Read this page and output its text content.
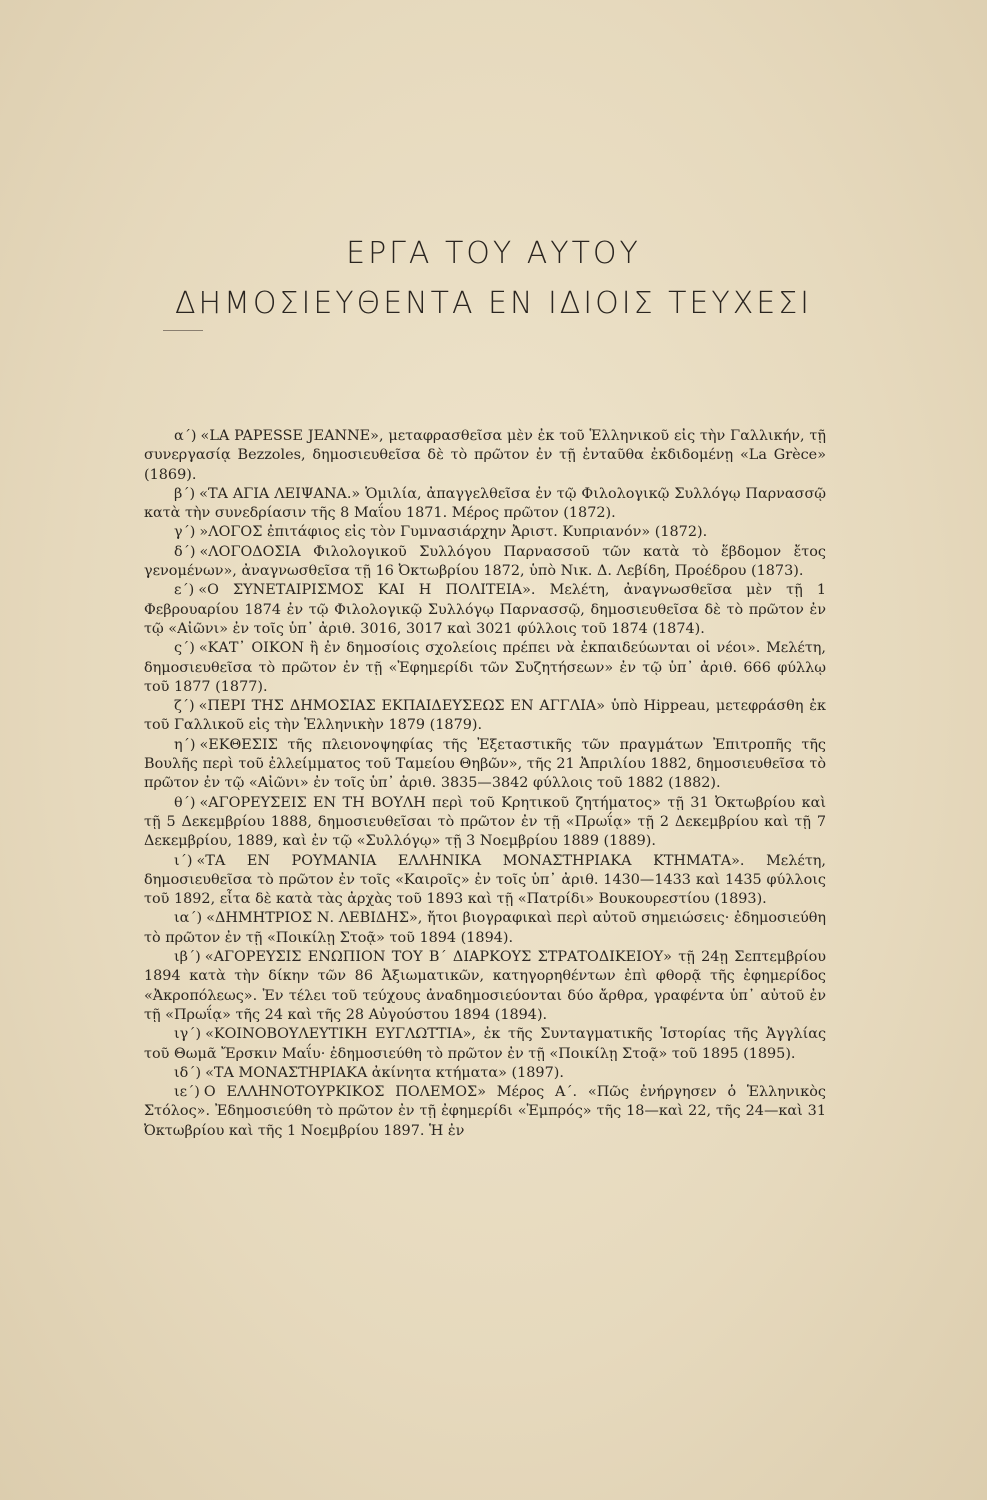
ΕΡΓΑ ΤΟΥ ΑΥΤΟΥ
ΔΗΜΟΣΙΕΥΘΕΝΤΑ ΕΝ ΙΔΙΟΙΣ ΤΕΥΧΕΣΙ

α΄) «LA PAPESSE JEANNE», μεταφρασθεῖσα μὲν ἐκ τοῦ Ἑλληνικοῦ εἰς τὴν Γαλλικήν, τῇ συνεργασίᾳ Bezzoles, δημοσιευθεῖσα δὲ τὸ πρῶτον ἐν τῇ ἐνταῦθα ἐκδιδομένῃ «La Grèce» (1869).

β΄) «ΤΑ ΑΓΙΑ ΛΕΙΨΑΝΑ.» Ὁμιλία, ἀπαγγελθεῖσα ἐν τῷ Φιλολογικῷ Συλλόγῳ Παρνασσῷ κατὰ τὴν συνεδρίασιν τῆς 8 Μαΐου 1871. Μέρος πρῶτον (1872).

γ΄) »ΛΟΓΟΣ ἐπιτάφιος εἰς τὸν Γυμνασιάρχην Ἀριστ. Κυπριανόν» (1872).

δ΄) «ΛΟΓΟΔΟΣΙΑ Φιλολογικοῦ Συλλόγου Παρνασσοῦ τῶν κατὰ τὸ ἕβδομον ἔτος γενομένων», ἀναγνωσθεῖσα τῇ 16 Ὀκτωβρίου 1872, ὑπὸ Νικ. Δ. Λεβίδη, Προέδρου (1873).

ε΄) «Ο ΣΥΝΕΤΑΙΡΙΣΜΟΣ ΚΑΙ Η ΠΟΛΙΤΕΙΑ». Μελέτη, ἀναγνωσθεῖσα μὲν τῇ 1 Φεβρουαρίου 1874 ἐν τῷ Φιλολογικῷ Συλλόγῳ Παρνασσῷ, δημοσιευθεῖσα δὲ τὸ πρῶτον ἐν τῷ «Αἰῶνι» ἐν τοῖς ὑπ᾿ ἀριθ. 3016, 3017 καὶ 3021 φύλλοις τοῦ 1874 (1874).

ς΄) «ΚΑΤ᾿ ΟΙΚΟΝ ἢ ἐν δημοσίοις σχολείοις πρέπει νὰ ἐκπαιδεύωνται οἱ νέοι». Μελέτη, δημοσιευθεῖσα τὸ πρῶτον ἐν τῇ «Ἐφημερίδι τῶν Συζητήσεων» ἐν τῷ ὑπ᾿ ἀριθ. 666 φύλλῳ τοῦ 1877 (1877).

ζ΄) «ΠΕΡΙ ΤΗΣ ΔΗΜΟΣΙΑΣ ΕΚΠΑΙΔΕΥΣΕΩΣ ΕΝ ΑΓΓΛΙΑ» ὑπὸ Hippeau, μετεφράσθη ἐκ τοῦ Γαλλικοῦ εἰς τὴν Ἑλληνικὴν 1879 (1879).

η΄) «ΕΚΘΕΣΙΣ τῆς πλειονοψηφίας τῆς Ἐξεταστικῆς τῶν πραγμάτων Ἐπιτροπῆς τῆς Βουλῆς περὶ τοῦ ἐλλείμματος τοῦ Ταμείου Θηβῶν», τῆς 21 Ἀπριλίου 1882, δημοσιευθεῖσα τὸ πρῶτον ἐν τῷ «Αἰῶνι» ἐν τοῖς ὑπ᾿ ἀριθ. 3835—3842 φύλλοις τοῦ 1882 (1882).

θ΄) «ΑΓΟΡΕΥΣΕΙΣ ΕΝ ΤΗ ΒΟΥΛΗ περὶ τοῦ Κρητικοῦ ζητήματος» τῇ 31 Ὀκτωβρίου καὶ τῇ 5 Δεκεμβρίου 1888, δημοσιευθεῖσαι τὸ πρῶτον ἐν τῇ «Πρωΐᾳ» τῇ 2 Δεκεμβρίου καὶ τῇ 7 Δεκεμβρίου, 1889, καὶ ἐν τῷ «Συλλόγῳ» τῇ 3 Νοεμβρίου 1889 (1889).

ι΄) «ΤΑ ΕΝ ΡΟΥΜΑΝΙΑ ΕΛΛΗΝΙΚΑ ΜΟΝΑΣΤΗΡΙΑΚΑ ΚΤΗΜΑΤΑ». Μελέτη, δημοσιευθεῖσα τὸ πρῶτον ἐν τοῖς «Καιροῖς» ἐν τοῖς ὑπ᾿ ἀριθ. 1430—1433 καὶ 1435 φύλλοις τοῦ 1892, εἶτα δὲ κατὰ τὰς ἀρχὰς τοῦ 1893 καὶ τῇ «Πατρίδι» Βουκουρεστίου (1893).

ια΄) «ΔΗΜΗΤΡΙΟΣ Ν. ΛΕΒΙΔΗΣ», ἤτοι βιογραφικαὶ περὶ αὐτοῦ σημειώσεις· ἐδημοσιεύθη τὸ πρῶτον ἐν τῇ «Ποικίλῃ Στοᾷ» τοῦ 1894 (1894).

ιβ΄) «ΑΓΟΡΕΥΣΙΣ ΕΝΩΠΙΟΝ ΤΟΥ Β΄ ΔΙΑΡΚΟΥΣ ΣΤΡΑΤΟΔΙΚΕΙΟΥ» τῇ 24ῃ Σεπτεμβρίου 1894 κατὰ τὴν δίκην τῶν 86 Ἀξιωματικῶν, κατηγορηθέντων ἐπὶ φθορᾷ τῆς ἐφημερίδος «Ἀκροπόλεως». Ἐν τέλει τοῦ τεύχους ἀναδημοσιεύονται δύο ἄρθρα, γραφέντα ὑπ᾿ αὐτοῦ ἐν τῇ «Πρωΐᾳ» τῆς 24 καὶ τῆς 28 Αὐγούστου 1894 (1894).

ιγ΄) «ΚΟΙΝΟΒΟΥΛΕΥΤΙΚΗ ΕΥΓΛΩΤΤΙΑ», ἐκ τῆς Συνταγματικῆς Ἱστορίας τῆς Ἀγγλίας τοῦ Θωμᾶ Ἔρσκιν Μαΐυ· ἐδημοσιεύθη τὸ πρῶτον ἐν τῇ «Ποικίλῃ Στοᾷ» τοῦ 1895 (1895).

ιδ΄) «ΤΑ ΜΟΝΑΣΤΗΡΙΑΚΑ ἀκίνητα κτήματα» (1897).

ιε΄) Ο ΕΛΛΗΝΟΤΟΥΡΚΙΚΟΣ ΠΟΛΕΜΟΣ» Μέρος Α΄. «Πῶς ἐνήργησεν ὁ Ἑλληνικὸς Στόλος». Ἐδημοσιεύθη τὸ πρῶτον ἐν τῇ ἐφημερίδι «Ἐμπρός» τῆς 18—καὶ 22, τῆς 24—καὶ 31 Ὀκτωβρίου καὶ τῆς 1 Νοεμβρίου 1897. Ἡ ἐν
